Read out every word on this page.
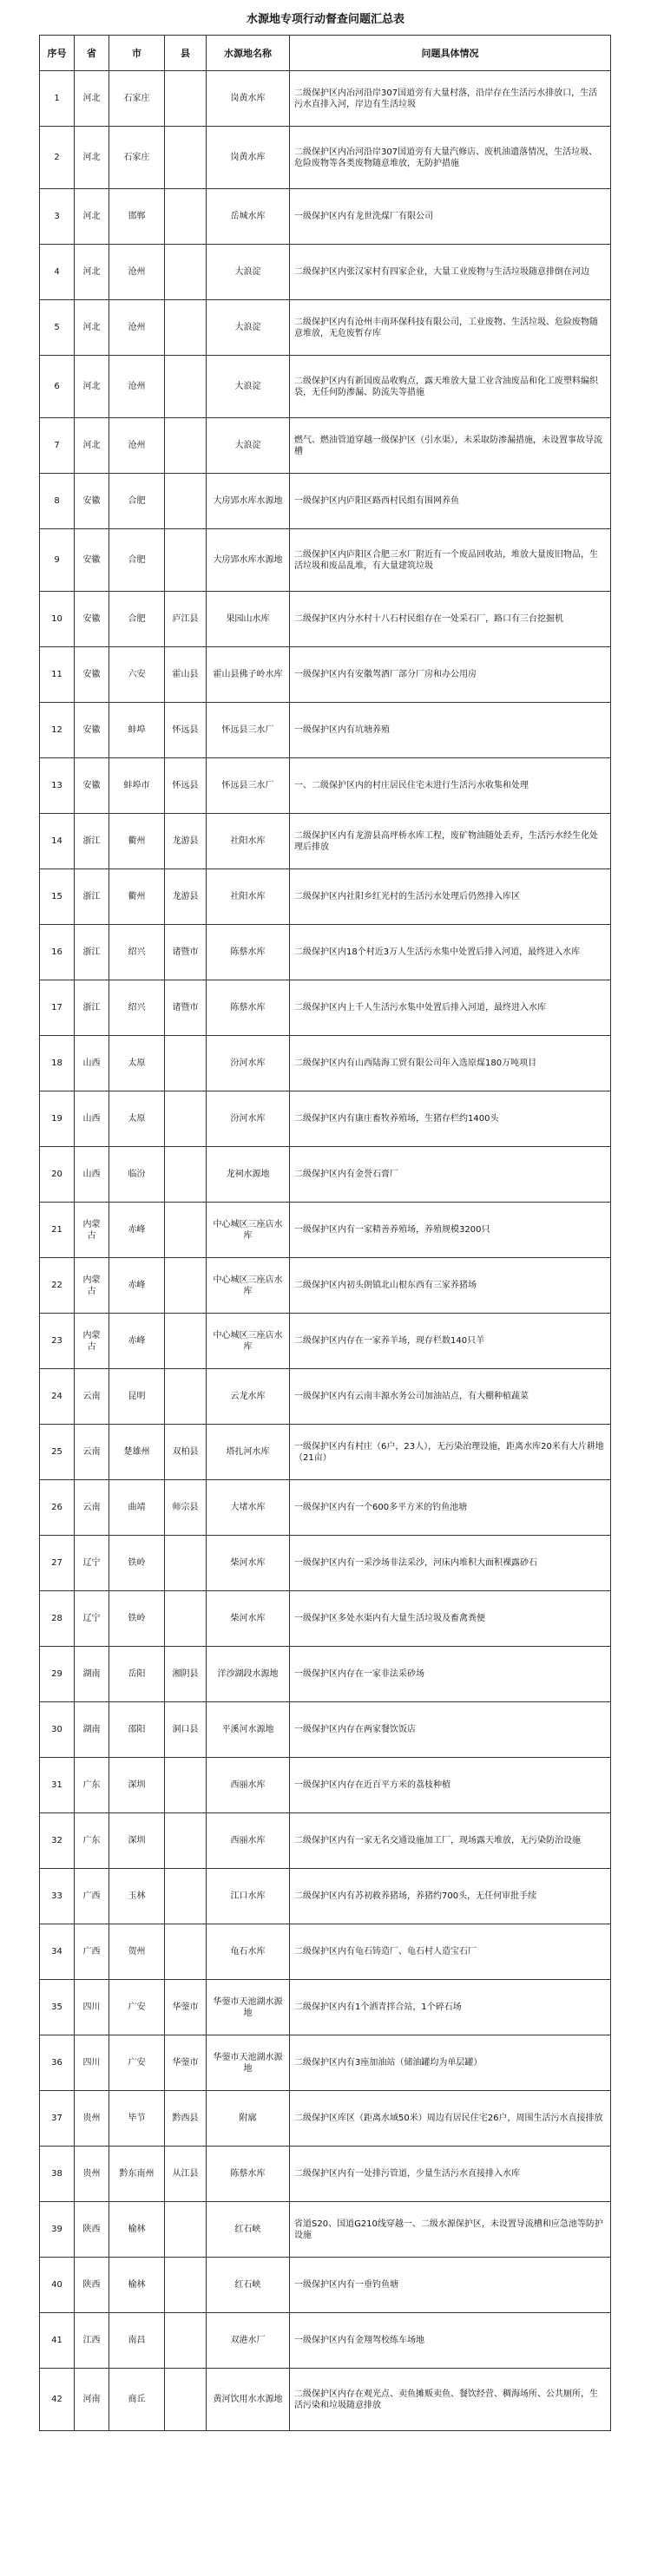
水源地专项行动督查问题汇总表
序号	省	市	县	水源地名称	问题具体情况
1	河北	石家庄		岗黄水库	二级保护区内冶河沿岸307国道旁有大量村落，沿岸存在生活污水排放口，生活污水直排入河，岸边有生活垃圾
2	河北	石家庄		岗黄水库	二级保护区内冶河沿岸307国道旁有大量汽修店、废机油遗落情况，生活垃圾、危险废物等各类废物随意堆放，无防护措施
3	河北	邯郸		岳城水库	一级保护区内有龙世洗煤厂有限公司
4	河北	沧州		大浪淀	二级保护区内张汉家村有四家企业，大量工业废物与生活垃圾随意排倒在河边
5	河北	沧州		大浪淀	二级保护区内有沧州丰南环保科技有限公司，工业废物、生活垃圾、危险废物随意堆放，无危废暂存库
6	河北	沧州		大浪淀	二级保护区内有新国废品收购点，露天堆放大量工业含油废品和化工废塑料编织袋，无任何防渗漏、防流失等措施
7	河北	沧州		大浪淀	燃气、燃油管道穿越一级保护区（引水渠），未采取防渗漏措施，未设置事故导流槽
8	安徽	合肥		大房郢水库水源地	一级保护区内庐阳区路西村民组有围网养鱼
9	安徽	合肥		大房郢水库水源地	二级保护区内庐阳区合肥三水厂附近有一个废品回收站，堆放大量废旧物品，生活垃圾和废品乱堆，有大量建筑垃圾
10	安徽	合肥	庐江县	果园山水库	二级保护区内分水村十八石村民组存在一处采石厂，路口有三台挖掘机
11	安徽	六安	霍山县	霍山县佛子岭水库	一级保护区内有安徽驾酒厂部分厂房和办公用房
12	安徽	蚌埠	怀远县	怀远县三水厂	一级保护区内有坑塘养殖
13	安徽	蚌埠市	怀远县	怀远县三水厂	一、二级保护区内的村庄居民住宅未进行生活污水收集和处理
14	浙江	衢州	龙游县	社阳水库	二级保护区内有龙游县高坪桥水库工程，废矿物油随处丢弃，生活污水经生化处理后排放
15	浙江	衢州	龙游县	社阳水库	二级保护区内社阳乡红光村的生活污水处理后仍然排入库区
16	浙江	绍兴	诸暨市	陈蔡水库	二级保护区内18个村近3万人生活污水集中处置后排入河道，最终进入水库
17	浙江	绍兴	诸暨市	陈蔡水库	二级保护区内上千人生活污水集中处置后排入河道，最终进入水库
18	山西	太原		汾河水库	二级保护区内有山西陆海工贸有限公司年入选原煤180万吨项目
19	山西	太原		汾河水库	二级保护区内有康庄畜牧养殖场，生猪存栏约1400头
20	山西	临汾		龙祠水源地	二级保护区内有金誉石膏厂
21	内蒙古	赤峰		中心城区三座店水库	一级保护区内有一家精善养殖场，养殖规模3200只
22	内蒙古	赤峰		中心城区三座店水库	二级保护区内初头朗镇北山根东西有三家养猪场
23	内蒙古	赤峰		中心城区三座店水库	二级保护区内存在一家养羊场，现存栏数140只羊
24	云南	昆明		云龙水库	一级保护区内有云南丰源水务公司加油站点，有大棚种植蔬菜
25	云南	楚雄州	双柏县	塔扎河水库	一级保护区内有村庄（6户，23人），无污染治理设施，距离水库20米有大片耕地（21亩）
26	云南	曲靖	师宗县	大堵水库	一级保护区内有一个600多平方米的钓鱼池塘
27	辽宁	铁岭		柴河水库	一级保护区内有一采沙场非法采沙，河床内堆积大面积裸露砂石
28	辽宁	铁岭		柴河水库	一级保护区多处水渠内有大量生活垃圾及畜禽粪便
29	湖南	岳阳	湘阴县	洋沙湖段水源地	一级保护区内存在一家非法采砂场
30	湖南	邵阳	洞口县	平溪河水源地	一级保护区内存在两家餐饮饭店
31	广东	深圳		西丽水库	一级保护区内存在近百平方米的荔枝种植
32	广东	深圳		西丽水库	二级保护区内有一家无名交通设施加工厂，现场露天堆放，无污染防治设施
33	广西	玉林		江口水库	二级保护区内有苏初救养猪场，养猪约700头，无任何审批手续
34	广西	贺州		龟石水库	二级保护区内有龟石铸造厂、龟石村人造宝石厂
35	四川	广安	华蓥市	华蓥市天池湖水源地	二级保护区内有1个洒青拌合站，1个碎石场
36	四川	广安	华蓥市	华蓥市天池湖水源地	二级保护区内有3座加油站（储油罐均为单层罐）
37	贵州	毕节	黔西县	附廓	二级保护区库区（距离水域50米）周边有居民住宅26户，周围生活污水直接排放
38	贵州	黔东南州	从江县	陈蔡水库	二级保护区内有一处排污管道，少量生活污水直接排入水库
39	陕西	榆林		红石峡	省道S20、国道G210线穿越一、二级水源保护区，未设置导流槽和应急池等防护设施
40	陕西	榆林		红石峡	一级保护区内有一垂钓鱼塘
41	江西	南昌		双港水厂	一级保护区内有金翔驾校练车场地
42	河南	商丘		黄河饮用水水源地	二级保护区内存在观光点、卖鱼摊贩卖鱼、餐饮经营、稠海场所、公共厕所，生活污染和垃圾随意排放
